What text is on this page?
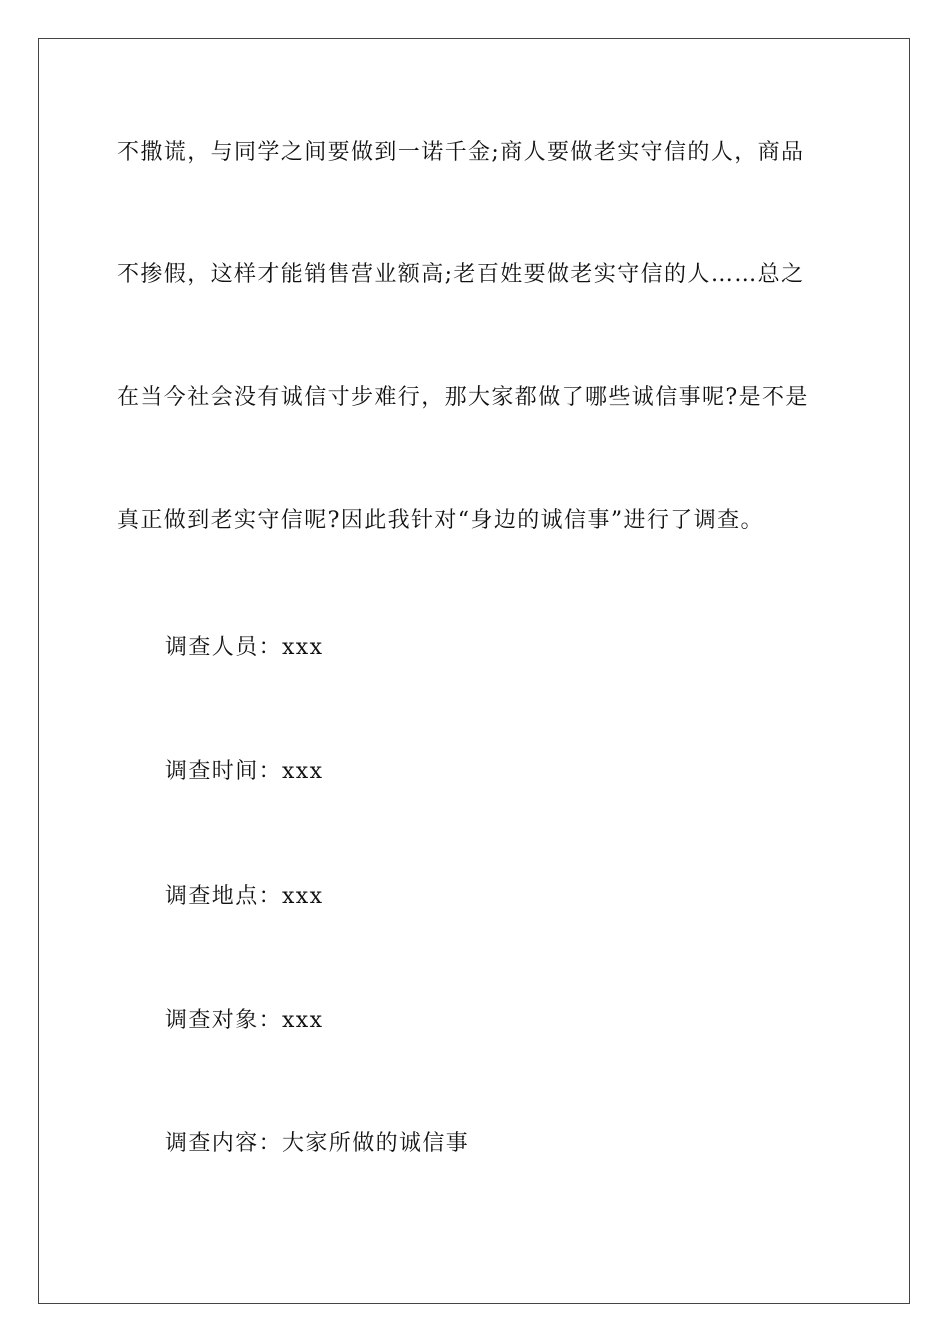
不撒谎，与同学之间要做到一诺千金;商人要做老实守信的人，商品
不掺假，这样才能销售营业额高;老百姓要做老实守信的人……总之
在当今社会没有诚信寸步难行，那大家都做了哪些诚信事呢?是不是
真正做到老实守信呢?因此我针对“身边的诚信事”进行了调查。
调查人员：xxx
调查时间：xxx
调查地点：xxx
调查对象：xxx
调查内容：大家所做的诚信事
